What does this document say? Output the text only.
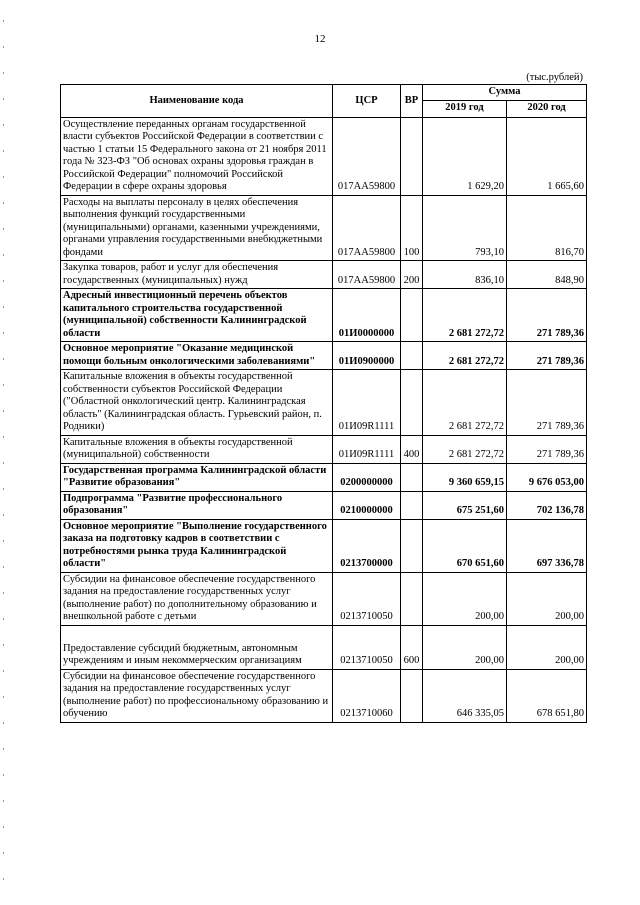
12
(тыс.рублей)
Наименование кода	ЦСР	ВР	Сумма	
			2019 год	2020 год
Осуществление переданных органам государственной власти субъектов Российской Федерации в соответствии с частью 1 статьи 15 Федерального закона от 21 ноября 2011 года № 323-ФЗ "Об основах охраны здоровья граждан в Российской Федерации" полномочий Российской Федерации в сфере охраны здоровья	017АА59800		1 629,20	1 665,60
Расходы на выплаты персоналу в целях обеспечения выполнения функций государственными (муниципальными) органами, казенными учреждениями, органами управления государственными внебюджетными фондами	017АА59800	100	793,10	816,70
Закупка товаров, работ и услуг для обеспечения государственных (муниципальных) нужд	017АА59800	200	836,10	848,90
Адресный инвестиционный перечень объектов капитального строительства государственной (муниципальной) собственности Калининградской области	01И0000000		2 681 272,72	271 789,36
Основное мероприятие "Оказание медицинской помощи больным онкологическими заболеваниями"	01И0900000		2 681 272,72	271 789,36
Капитальные вложения в объекты государственной собственности субъектов Российской Федерации ("Областной онкологический центр. Калининградская область" (Калининградская область. Гурьевский район, п. Родники)	01И09R1111		2 681 272,72	271 789,36
Капитальные вложения в объекты государственной (муниципальной) собственности	01И09R1111	400	2 681 272,72	271 789,36
Государственная программа Калининградской области "Развитие образования"	0200000000		9 360 659,15	9 676 053,00
Подпрограмма "Развитие профессионального образования"	0210000000		675 251,60	702 136,78
Основное мероприятие "Выполнение государственного заказа на подготовку кадров в соответствии с потребностями рынка труда Калининградской области"	0213700000		670 651,60	697 336,78
Субсидии на финансовое обеспечение государственного задания на предоставление государственных услуг (выполнение работ) по дополнительному образованию и внешкольной работе с детьми	0213710050		200,00	200,00
Предоставление субсидий бюджетным, автономным учреждениям и иным некоммерческим организациям	0213710050	600	200,00	200,00
Субсидии на финансовое обеспечение государственного задания на предоставление государственных услуг (выполнение работ) по профессиональному образованию и обучению	0213710060		646 335,05	678 651,80
